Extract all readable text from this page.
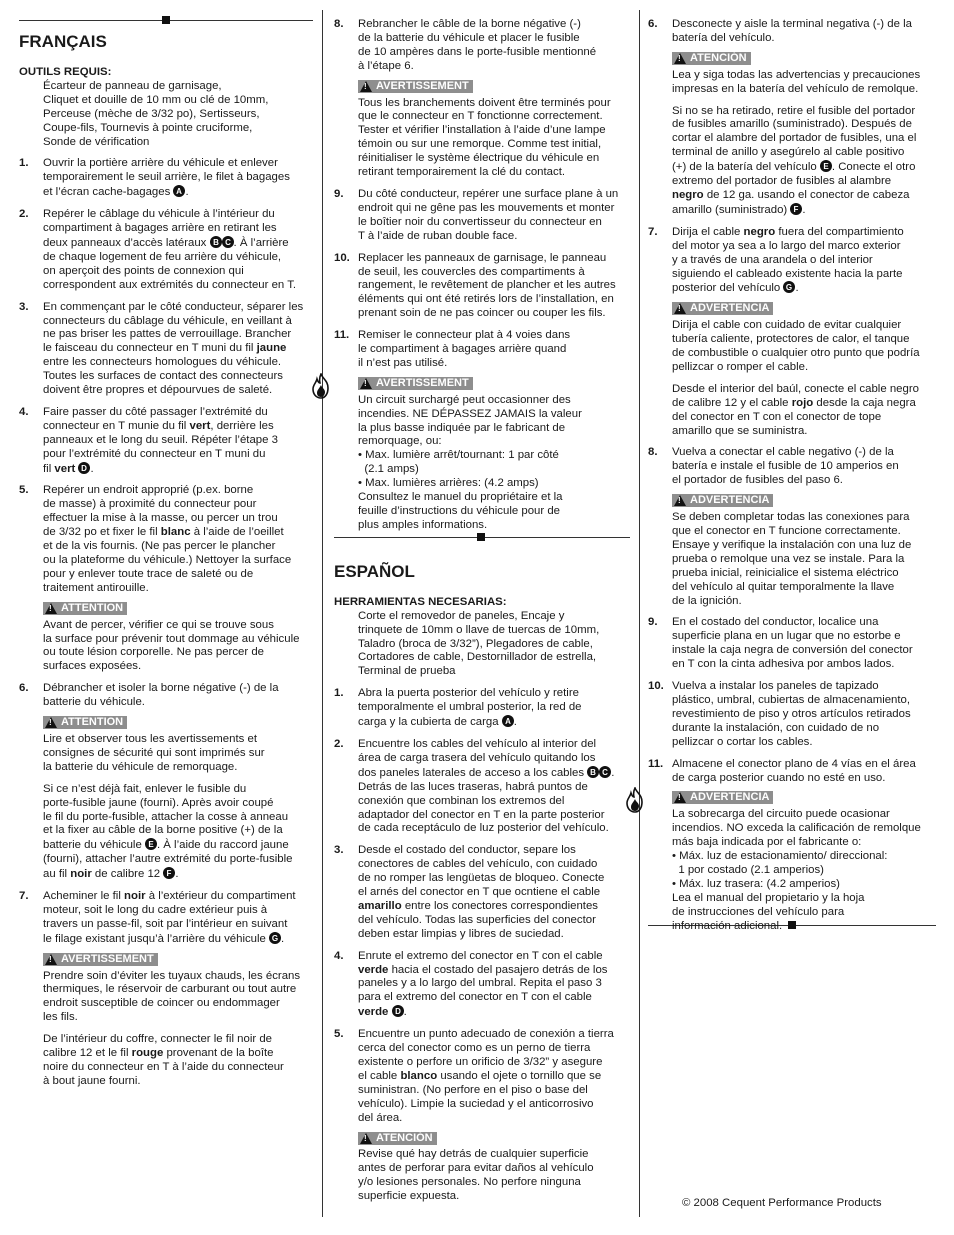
FRANÇAIS
OUTILS REQUIS:
Écarteur de panneau de garnisage,
Cliquet et douille de 10 mm ou clé de 10mm,
Perceuse (mèche de 3/32 po), Sertisseurs,
Coupe-fils, Tournevis à pointe cruciforme,
Sonde de vérification
1. Ouvrir la portière arrière du véhicule et enlever
temporairement le seuil arrière, le filet à bagages
et l’écran cache-bagages A .
2. Repérer le câblage du véhicule à l’intérieur du
compartiment à bagages arrière en retirant les
deux panneaux d’accès latéraux B C . À l’arrière
de chaque logement de feu arrière du véhicule,
on aperçoit des points de connexion qui
correspondent aux extrémités du connecteur en T.
3. En commençant par le côté conducteur, séparer les
connecteurs du câblage du véhicule, en veillant à
ne pas briser les pattes de verrouillage. Brancher
le faisceau du connecteur en T muni du fil jaune
entre les connecteurs homologues du véhicule.
Toutes les surfaces de contact des connecteurs
doivent être propres et dépourvues de saleté.
4. Faire passer du côté passager l’extrémité du
connecteur en T munie du fil vert, derrière les
panneaux et le long du seuil. Répéter l’étape 3
pour l’extrémité du connecteur en T muni du
fil vert D .
5. Repérer un endroit approprié (p.ex. borne
de masse) à proximité du connecteur pour
effectuer la mise à la masse, ou percer un trou
de 3/32 po et fixer le fil blanc à l’aide de l’oeillet
et de la vis fournis. (Ne pas percer le plancher
ou la plateforme du véhicule.) Nettoyer la surface
pour y enlever toute trace de saleté ou de
traitement antirouille.
!
ATTENTION
Avant de percer, vérifier ce qui se trouve sous
la surface pour prévenir tout dommage au véhicule
ou toute lésion corporelle. Ne pas percer de
surfaces exposées.
6. Débrancher et isoler la borne négative (-) de la
batterie du véhicule.
!
ATTENTION
Lire et observer tous les avertissements et
consignes de sécurité qui sont imprimés sur
la batterie du véhicule de remorquage.
Si ce n’est déjà fait, enlever le fusible du
porte-fusible jaune (fourni). Après avoir coupé
le fil du porte-fusible, attacher la cosse à anneau
et la fixer au câble de la borne positive (+) de la
batterie du véhicule E . À l’aide du raccord jaune
(fourni), attacher l’autre extrémité du porte-fusible
au fil noir de calibre 12 F .
7. Acheminer le fil noir à l’extérieur du compartiment
moteur, soit le long du cadre extérieur puis à
travers un passe-fil, soit par l’intérieur en suivant
le filage existant jusqu’à l’arrière du véhicule G .
!
AVERTISSEMENT
Prendre soin d’éviter les tuyaux chauds, les écrans
thermiques, le réservoir de carburant ou tout autre
endroit susceptible de coincer ou endommager
les fils.
De l’intérieur du coffre, connecter le fil noir de
calibre 12 et le fil rouge provenant de la boîte
noire du connecteur en T à l’aide du connecteur
à bout jaune fourni.
8. Rebrancher le câble de la borne négative (-)
de la batterie du véhicule et placer le fusible
de 10 ampères dans le porte-fusible mentionné
à l’étape 6.
!
AVERTISSEMENT
Tous les branchements doivent être terminés pour
que le connecteur en T fonctionne correctement.
Tester et vérifier l’installation à l’aide d’une lampe
témoin ou sur une remorque. Comme test initial,
réinitialiser le système électrique du véhicule en
retirant temporairement la clé du contact.
9. Du côté conducteur, repérer une surface plane à un
endroit qui ne gêne pas les mouvements et monter
le boîtier noir du convertisseur du connecteur en
T à l’aide de ruban double face.
10. Replacer les panneaux de garnisage, le panneau
de seuil, les couvercles des compartiments à
rangement, le revêtement de plancher et les autres
éléments qui ont été retirés lors de l’installation, en
prenant soin de ne pas coincer ou couper les fils.
11. Remiser le connecteur plat à 4 voies dans
le compartiment à bagages arrière quand
il n’est pas utilisé.
!
AVERTISSEMENT
Un circuit surchargé peut occasionner des
incendies. NE DÉPASSEZ JAMAIS la valeur
la plus basse indiquée par le fabricant de
remorquage, ou:
• Max. lumière arrêt/tournant: 1 par côté
(2.1 amps)
• Max. lumières arrières: (4.2 amps)
Consultez le manuel du propriétaire et la
feuille d’instructions du véhicule pour de
plus amples informations.
ESPAÑOL
HERRAMIENTAS NECESARIAS:
Corte el removedor de paneles, Encaje y
trinquete de 10mm o llave de tuercas de 10mm,
Taladro (broca de 3/32”), Plegadores de cable,
Cortadores de cable, Destornillador de estrella,
Terminal de prueba
1. Abra la puerta posterior del vehículo y retire
temporalmente el umbral posterior, la red de
carga y la cubierta de carga A .
2. Encuentre los cables del vehículo al interior del
área de carga trasera del vehículo quitando los
dos paneles laterales de acceso a los cables B C .
Detrás de las luces traseras, habrá puntos de
conexión que combinan los extremos del
adaptador del conector en T en la parte posterior
de cada receptáculo de luz posterior del vehículo.
3. Desde el costado del conductor, separe los
conectores de cables del vehículo, con cuidado
de no romper las lengüetas de bloqueo. Conecte
el arnés del conector en T que ocntiene el cable
amarillo entre los conectores correspondientes
del vehículo. Todas las superficies del conector
deben estar limpias y libres de suciedad.
4. Enrute el extremo del conector en T con el cable
verde hacia el costado del pasajero detrás de los
paneles y a lo largo del umbral. Repita el paso 3
para el extremo del conector en T con el cable
verde D .
5. Encuentre un punto adecuado de conexión a tierra
cerca del conector como es un perno de tierra
existente o perfore un orificio de 3/32” y asegure
el cable blanco usando el ojete o tornillo que se
suministran. (No perfore en el piso o base del
vehículo). Limpie la suciedad y el anticorrosivo
del área.
!
ATENCIÓN
Revise qué hay detrás de cualquier superficie
antes de perforar para evitar daños al vehículo
y/o lesiones personales. No perfore ninguna
superficie expuesta.
6. Desconecte y aisle la terminal negativa (-) de la
batería del vehículo.
!
ATENCIÓN
Lea y siga todas las advertencias y precauciones
impresas en la batería del vehículo de remolque.
Si no se ha retirado, retire el fusible del portador
de fusibles amarillo (suministrado). Después de
cortar el alambre del portador de fusibles, una el
terminal de anillo y asegúrelo al cable positivo
(+) de la batería del vehículo E . Conecte el otro
extremo del portador de fusibles al alambre
negro de 12 ga. usando el conector de cabeza
amarillo (suministrado) F .
7. Dirija el cable negro fuera del compartimiento
del motor ya sea a lo largo del marco exterior
y a través de una arandela o del interior
siguiendo el cableado existente hacia la parte
posterior del vehículo G .
!
ADVERTENCIA
Dirija el cable con cuidado de evitar cualquier
tubería caliente, protectores de calor, el tanque
de combustible o cualquier otro punto que podría
pellizcar o romper el cable.
Desde el interior del baúl, conecte el cable negro
de calibre 12 y el cable rojo desde la caja negra
del conector en T con el conector de tope
amarillo que se suministra.
8. Vuelva a conectar el cable negativo (-) de la
batería e instale el fusible de 10 amperios en
el portador de fusibles del paso 6.
!
ADVERTENCIA
Se deben completar todas las conexiones para
que el conector en T funcione correctamente.
Ensaye y verifique la instalación con una luz de
prueba o remolque una vez se instale. Para la
prueba inicial, reinicialice el sistema eléctrico
del vehículo al quitar temporalmente la llave
de la ignición.
9. En el costado del conductor, localice una
superficie plana en un lugar que no estorbe e
instale la caja negra de conversión del conector
en T con la cinta adhesiva por ambos lados.
10. Vuelva a instalar los paneles de tapizado
plástico, umbral, cubiertas de almacenamiento,
revestimiento de piso y otros artículos retirados
durante la instalación, con cuidado de no
pellizcar o cortar los cables.
11. Almacene el conector plano de 4 vías en el área
de carga posterior cuando no esté en uso.
!
ADVERTENCIA
La sobrecarga del circuito puede ocasionar
incendios. NO exceda la calificación de remolque
más baja indicada por el fabricante o:
• Máx. luz de estacionamiento/ direccional:
1 por costado (2.1 amperios)
• Máx. luz trasera: (4.2 amperios)
Lea el manual del propietario y la hoja
de instrucciones del vehículo para
información adicional.
© 2008 Cequent Performance Products
